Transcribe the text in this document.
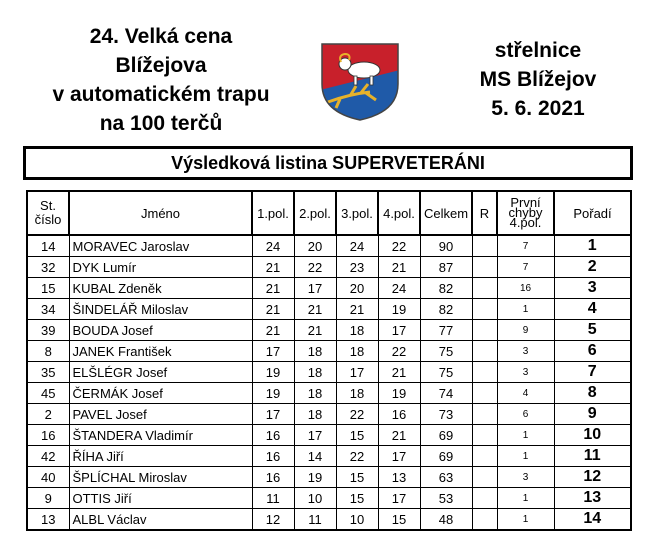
24. Velká cena
Blížejova
v automatickém trapu
na 100 terčů
střelnice
MS Blížejov
5. 6. 2021
Výsledková listina SUPERVETERÁNI
St. číslo	Jméno	1.pol.	2.pol.	3.pol.	4.pol.	Celkem	R	První chyby 4.pol.	Pořadí
14	MORAVEC Jaroslav	24	20	24	22	90		7	1
32	DYK Lumír	21	22	23	21	87		7	2
15	KUBAL Zdeněk	21	17	20	24	82		16	3
34	ŠINDELÁŘ Miloslav	21	21	21	19	82		1	4
39	BOUDA Josef	21	21	18	17	77		9	5
8	JANEK František	17	18	18	22	75		3	6
35	ELŠLÉGR Josef	19	18	17	21	75		3	7
45	ČERMÁK Josef	19	18	18	19	74		4	8
2	PAVEL Josef	17	18	22	16	73		6	9
16	ŠTANDERA Vladimír	16	17	15	21	69		1	10
42	ŘÍHA Jiří	16	14	22	17	69		1	11
40	ŠPLÍCHAL Miroslav	16	19	15	13	63		3	12
9	OTTIS Jiří	11	10	15	17	53		1	13
13	ALBL Václav	12	11	10	15	48		1	14
